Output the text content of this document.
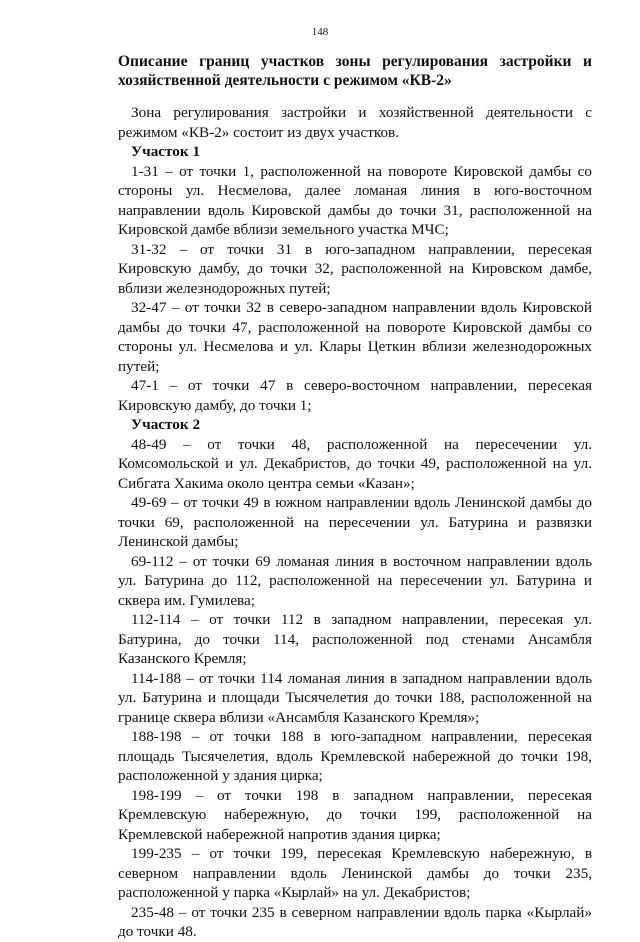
148
Описание границ участков зоны регулирования застройки и хозяйственной деятельности с режимом «КВ-2»

Зона регулирования застройки и хозяйственной деятельности с режимом «КВ-2» состоит из двух участков.

Участок 1

1-31 – от точки 1, расположенной на повороте Кировской дамбы со стороны ул. Несмелова, далее ломаная линия в юго-восточном направлении вдоль Кировской дамбы до точки 31, расположенной на Кировской дамбе вблизи земельного участка МЧС;

31-32 – от точки 31 в юго-западном направлении, пересекая Кировскую дамбу, до точки 32, расположенной на Кировском дамбе, вблизи железнодорожных путей;

32-47 – от точки 32 в северо-западном направлении вдоль Кировской дамбы до точки 47, расположенной на повороте Кировской дамбы со стороны ул. Несмелова и ул. Клары Цеткин вблизи железнодорожных путей;

47-1 – от точки 47 в северо-восточном направлении, пересекая Кировскую дамбу, до точки 1;

Участок 2

48-49 – от точки 48, расположенной на пересечении ул. Комсомольской и ул. Декабристов, до точки 49, расположенной на ул. Сибгата Хакима около центра семьи «Казан»;

49-69 – от точки 49 в южном направлении вдоль Ленинской дамбы до точки 69, расположенной на пересечении ул. Батурина и развязки Ленинской дамбы;

69-112 – от точки 69 ломаная линия в восточном направлении вдоль ул. Батурина до 112, расположенной на пересечении ул. Батурина и сквера им. Гумилева;

112-114 – от точки 112 в западном направлении, пересекая ул. Батурина, до точки 114, расположенной под стенами Ансамбля Казанского Кремля;

114-188 – от точки 114 ломаная линия в западном направлении вдоль ул. Батурина и площади Тысячелетия до точки 188, расположенной на границе сквера вблизи «Ансамбля Казанского Кремля»;

188-198 – от точки 188 в юго-западном направлении, пересекая площадь Тысячелетия, вдоль Кремлевской набережной до точки 198, расположенной у здания цирка;

198-199 – от точки 198 в западном направлении, пересекая Кремлевскую набережную, до точки 199, расположенной на Кремлевской набережной напротив здания цирка;

199-235 – от точки 199, пересекая Кремлевскую набережную, в северном направлении вдоль Ленинской дамбы до точки 235, расположенной у парка «Кырлай» на ул. Декабристов;

235-48 – от точки 235 в северном направлении вдоль парка «Кырлай» до точки 48.
